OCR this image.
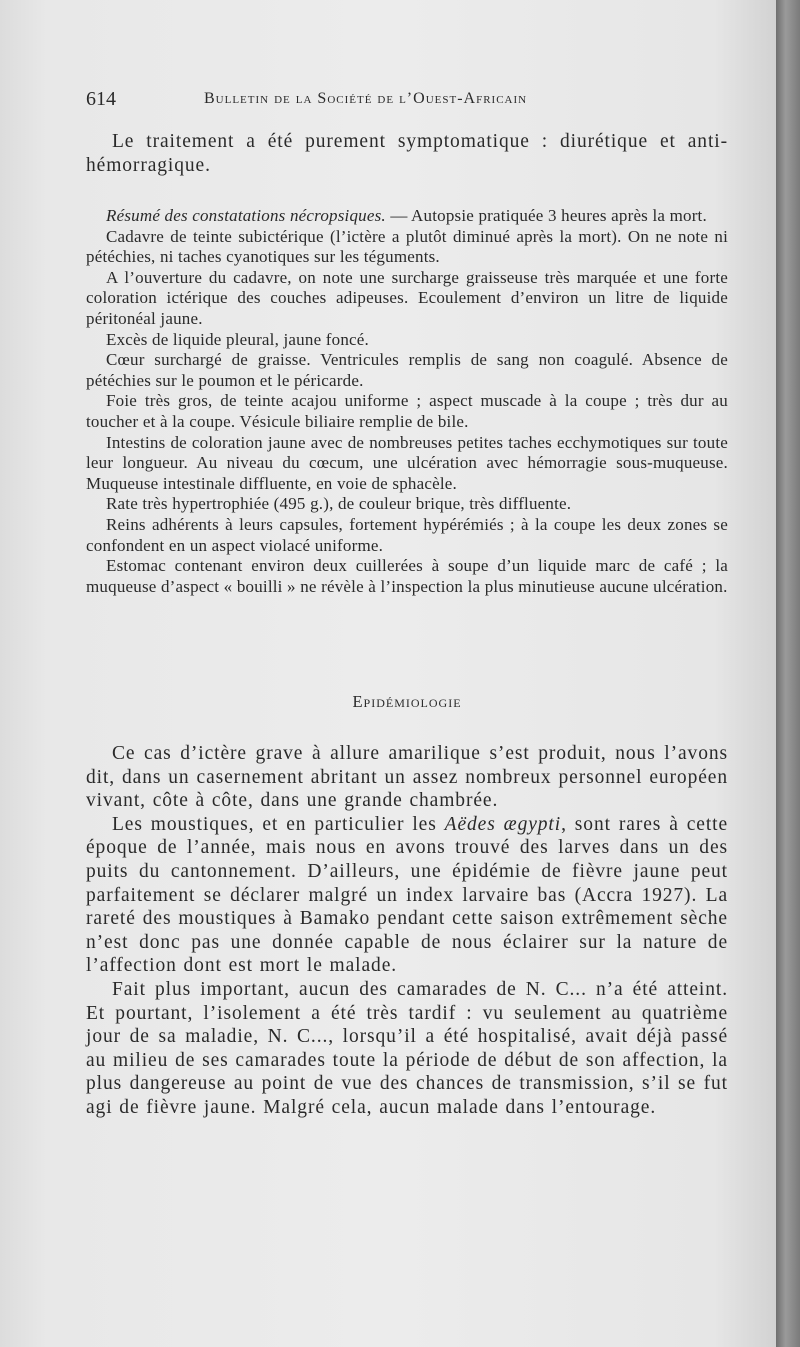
614	Bulletin de la Société de l’Ouest-Africain

Le traitement a été purement symptomatique : diurétique et anti-hémorragique.

Résumé des constatations nécropsiques. — Autopsie pratiquée 3 heures après la mort.

Cadavre de teinte subictérique (l’ictère a plutôt diminué après la mort). On ne note ni pétéchies, ni taches cyanotiques sur les téguments.

A l’ouverture du cadavre, on note une surcharge graisseuse très marquée et une forte coloration ictérique des couches adipeuses. Ecoulement d’environ un litre de liquide péritonéal jaune.

Excès de liquide pleural, jaune foncé.

Cœur surchargé de graisse. Ventricules remplis de sang non coagulé. Absence de pétéchies sur le poumon et le péricarde.

Foie très gros, de teinte acajou uniforme ; aspect muscade à la coupe ; très dur au toucher et à la coupe. Vésicule biliaire remplie de bile.

Intestins de coloration jaune avec de nombreuses petites taches ecchymotiques sur toute leur longueur. Au niveau du cœcum, une ulcération avec hémorragie sous-muqueuse. Muqueuse intestinale diffluente, en voie de sphacèle.

Rate très hypertrophiée (495 g.), de couleur brique, très diffluente.

Reins adhérents à leurs capsules, fortement hypérémiés ; à la coupe les deux zones se confondent en un aspect violacé uniforme.

Estomac contenant environ deux cuillerées à soupe d’un liquide marc de café ; la muqueuse d’aspect « bouilli » ne révèle à l’inspection la plus minutieuse aucune ulcération.

Epidémiologie

Ce cas d’ictère grave à allure amarilique s’est produit, nous l’avons dit, dans un casernement abritant un assez nombreux personnel européen vivant, côte à côte, dans une grande chambrée.

Les moustiques, et en particulier les Aëdes ægypti, sont rares à cette époque de l’année, mais nous en avons trouvé des larves dans un des puits du cantonnement. D’ailleurs, une épidémie de fièvre jaune peut parfaitement se déclarer malgré un index larvaire bas (Accra 1927). La rareté des moustiques à Bamako pendant cette saison extrêmement sèche n’est donc pas une donnée capable de nous éclairer sur la nature de l’affection dont est mort le malade.

Fait plus important, aucun des camarades de N. C... n’a été atteint. Et pourtant, l’isolement a été très tardif : vu seulement au quatrième jour de sa maladie, N. C..., lorsqu’il a été hospitalisé, avait déjà passé au milieu de ses camarades toute la période de début de son affection, la plus dangereuse au point de vue des chances de transmission, s’il se fut agi de fièvre jaune. Malgré cela, aucun malade dans l’entourage.
